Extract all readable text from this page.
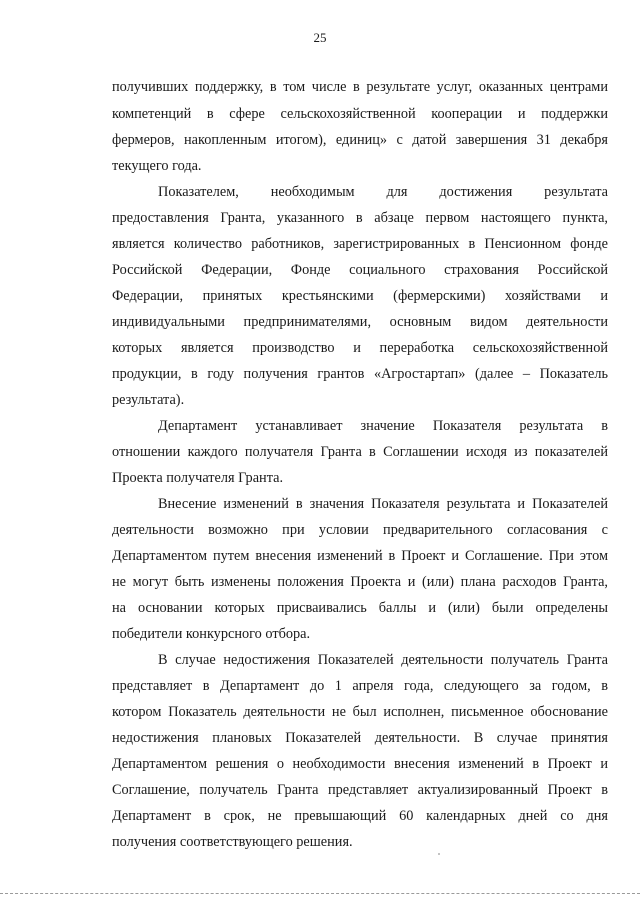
25
получивших поддержку, в том числе в результате услуг, оказанных центрами
компетенций в сфере сельскохозяйственной кооперации и поддержки
фермеров, накопленным итогом), единиц» с датой завершения 31 декабря
текущего года.
Показателем, необходимым для достижения результата
предоставления Гранта, указанного в абзаце первом настоящего пункта,
является количество работников, зарегистрированных в Пенсионном фонде
Российской Федерации, Фонде социального страхования Российской
Федерации, принятых крестьянскими (фермерскими) хозяйствами и
индивидуальными предпринимателями, основным видом деятельности
которых является производство и переработка сельскохозяйственной
продукции, в году получения грантов «Агростартап» (далее – Показатель
результата).
Департамент устанавливает значение Показателя результата в
отношении каждого получателя Гранта в Соглашении исходя из показателей
Проекта получателя Гранта.
Внесение изменений в значения Показателя результата и Показателей
деятельности возможно при условии предварительного согласования с
Департаментом путем внесения изменений в Проект и Соглашение. При этом
не могут быть изменены положения Проекта и (или) плана расходов Гранта,
на основании которых присваивались баллы и (или) были определены
победители конкурсного отбора.
В случае недостижения Показателей деятельности получатель Гранта
представляет в Департамент до 1 апреля года, следующего за годом, в
котором Показатель деятельности не был исполнен, письменное обоснование
недостижения плановых Показателей деятельности. В случае принятия
Департаментом решения о необходимости внесения изменений в Проект и
Соглашение, получатель Гранта представляет актуализированный Проект в
Департамент в срок, не превышающий 60 календарных дней со дня
получения соответствующего решения.
